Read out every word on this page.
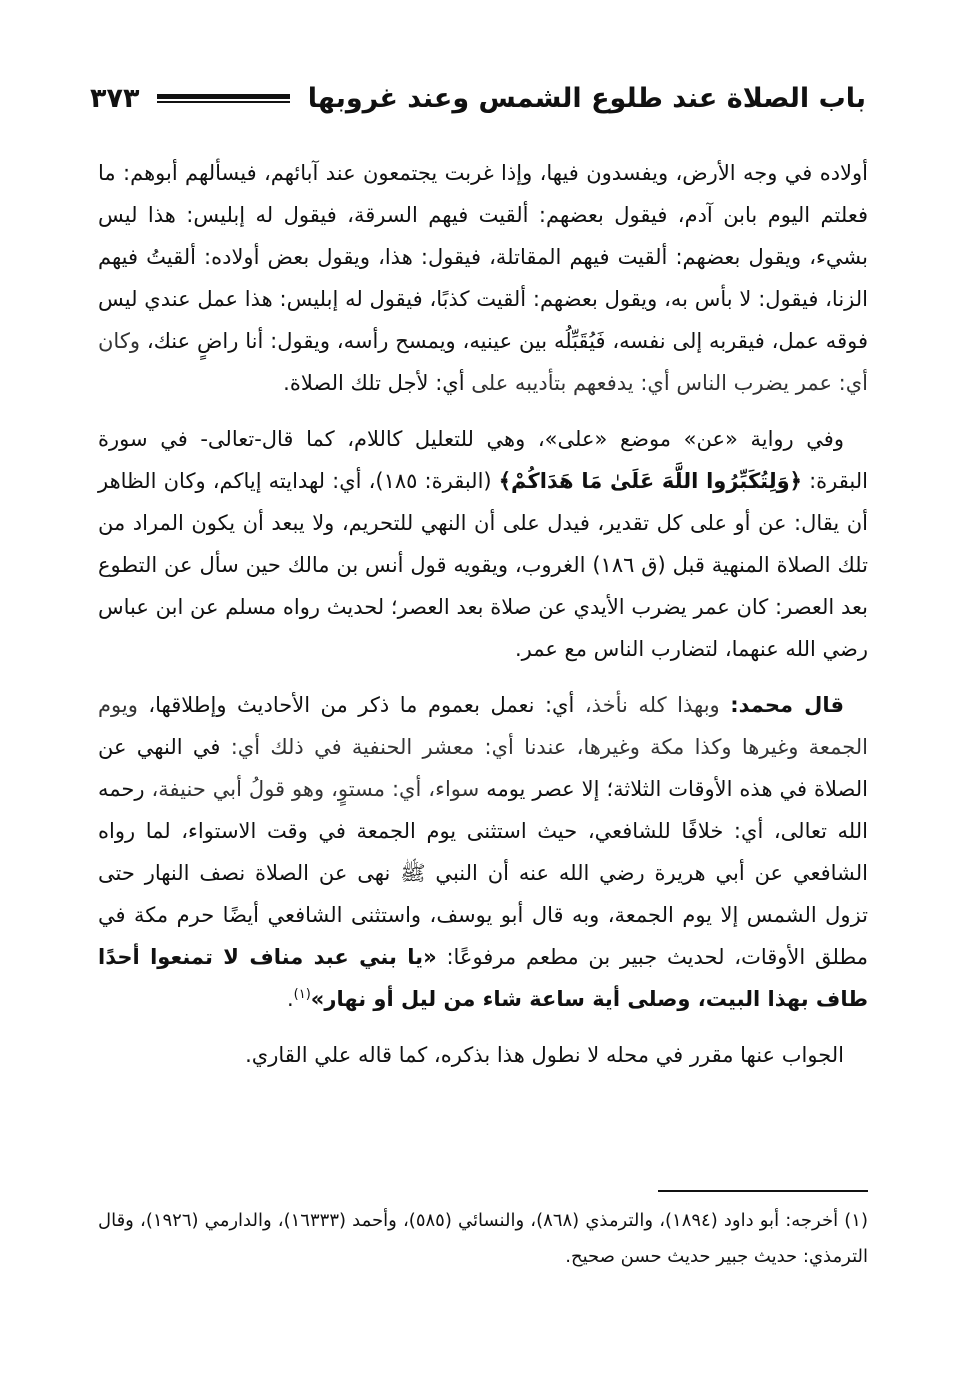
باب الصلاة عند طلوع الشمس وعند غروبها
٣٧٣

أولاده في وجه الأرض، ويفسدون فيها، وإذا غربت يجتمعون عند آبائهم، فيسألهم أبوهم: ما فعلتم اليوم بابن آدم، فيقول بعضهم: ألقيت فيهم السرقة، فيقول له إبليس: هذا ليس بشيء، ويقول بعضهم: ألقيت فيهم المقاتلة، فيقول: هذا، ويقول بعض أولاده: ألقيتُ فيهم الزنا، فيقول: لا بأس به، ويقول بعضهم: ألقيت كذبًا، فيقول له إبليس: هذا عمل عندي ليس فوقه عمل، فيقربه إلى نفسه، فَيُقَبِّلُه بين عينيه، ويمسح رأسه، ويقول: أنا راضٍ عنك، وكان أي: عمر يضرب الناس أي: يدفعهم بتأديبه على أي: لأجل تلك الصلاة.

وفي رواية «عن» موضع «على»، وهي للتعليل كاللام، كما قال-تعالى- في سورة البقرة: ﴿وَلِتُكَبِّرُوا اللَّهَ عَلَىٰ مَا هَدَاكُمْ﴾ (البقرة: ١٨٥)، أي: لهدايته إياكم، وكان الظاهر أن يقال: عن أو على كل تقدير، فيدل على أن النهي للتحريم، ولا يبعد أن يكون المراد من تلك الصلاة المنهية قبل (ق ١٨٦) الغروب، ويقويه قول أنس بن مالك حين سأل عن التطوع بعد العصر: كان عمر يضرب الأيدي عن صلاة بعد العصر؛ لحديث رواه مسلم عن ابن عباس رضي الله عنهما، لتضارب الناس مع عمر.

قال محمد: وبهذا كله نأخذ، أي: نعمل بعموم ما ذكر من الأحاديث وإطلاقها، ويوم الجمعة وغيرها وكذا مكة وغيرها، عندنا أي: معشر الحنفية في ذلك أي: في النهي عن الصلاة في هذه الأوقات الثلاثة؛ إلا عصر يومه سواء، أي: مستوٍ، وهو قولُ أبي حنيفة، رحمه الله تعالى، أي: خلافًا للشافعي، حيث استثنى يوم الجمعة في وقت الاستواء، لما رواه الشافعي عن أبي هريرة رضي الله عنه أن النبي ﷺ نهى عن الصلاة نصف النهار حتى تزول الشمس إلا يوم الجمعة، وبه قال أبو يوسف، واستثنى الشافعي أيضًا حرم مكة في مطلق الأوقات، لحديث جبير بن مطعم مرفوعًا: «يا بني عبد مناف لا تمنعوا أحدًا طاف بهذا البيت، وصلى أية ساعة شاء من ليل أو نهار»$^{(١)}$.

الجواب عنها مقرر في محله لا نطول هذا بذكره، كما قاله علي القاري.

(١) أخرجه: أبو داود (١٨٩٤)، والترمذي (٨٦٨)، والنسائي (٥٨٥)، وأحمد (١٦٣٣٣)، والدارمي (١٩٢٦)، وقال الترمذي: حديث جبير حديث حسن صحيح.
